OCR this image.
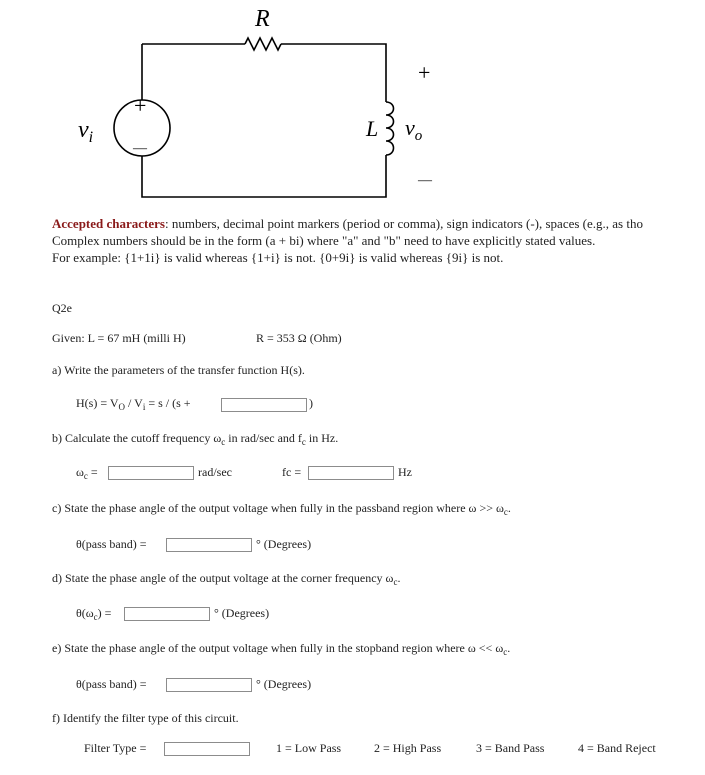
R
+
—
$v_i$	L
+
—
$v_o$
Accepted characters: numbers, decimal point markers (period or comma), sign indicators (-), spaces (e.g., as tho
Complex numbers should be in the form (a + bi) where "a" and "b" need to have explicitly stated values.
For example: {1+1i} is valid whereas {1+i} is not. {0+9i} is valid whereas {9i} is not.
Q2e
Given: L = 67 mH (milli H)	R = 353 Ω (Ohm)
a) Write the parameters of the transfer function H(s).
$H(s) = V_O / V_i = s / (s$ +	)
b) Calculate the cutoff frequency $\omega_c$ in rad/sec and $f_c$ in Hz.
$\omega_c$ =	rad/sec	fc =	Hz
c) State the phase angle of the output voltage when fully in the passband region where $\omega >> \omega_c$.
θ(pass band) =	° (Degrees)
d) State the phase angle of the output voltage at the corner frequency $\omega_c$.
$\theta(\omega_c)$ =	° (Degrees)
e) State the phase angle of the output voltage when fully in the stopband region where $\omega << \omega_c$.
θ(pass band) =	° (Degrees)
f) Identify the filter type of this circuit.
Filter Type =	1 = Low Pass	2 = High Pass	3 = Band Pass	4 = Band Reject
